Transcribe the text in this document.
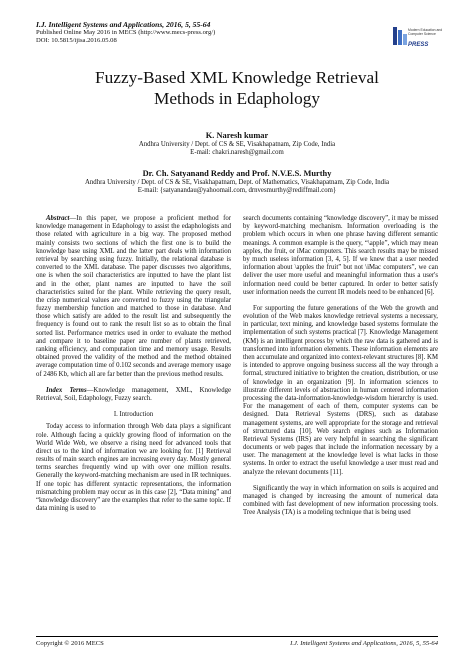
I.J. Intelligent Systems and Applications, 2016, 5, 55-64
Published Online May 2016 in MECS (http://www.mecs-press.org/)
DOI: 10.5815/ijisa.2016.05.08
Modern Education and Computer Science
PRESS
Fuzzy-Based XML Knowledge Retrieval
Methods in Edaphology
K. Naresh kumar
Andhra University / Dept. of CS & SE, Visakhapatnam, Zip Code, India
E-mail: chakri.naresh@gmail.com
Dr. Ch. Satyanand Reddy and Prof. N.V.E.S. Murthy
Andhra University / Dept. of CS & SE, Visakhapatnam, Dept. of Mathematics, Visakhapatnam, Zip Code, India
E-mail: {satyanandau@yahoomail.com, drnvesmurthy@rediffmail.com}

Abstract—In this paper, we propose a proficient method for knowledge management in Edaphology to assist the edaphologists and those related with agriculture in a big way. The proposed method mainly consists two sections of which the first one is to build the knowledge base using XML and the latter part deals with information retrieval by searching using fuzzy. Initially, the relational database is converted to the XML database. The paper discusses two algorithms, one is when the soil characteristics are inputted to have the plant list and in the other, plant names are inputted to have the soil characteristics suited for the plant. While retrieving the query result, the crisp numerical values are converted to fuzzy using the triangular fuzzy membership function and matched to those in database. And those which satisfy are added to the result list and subsequently the frequency is found out to rank the result list so as to obtain the final sorted list. Performance metrics used in order to evaluate the method and compare it to baseline paper are number of plants retrieved, ranking efficiency, and computation time and memory usage. Results obtained proved the validity of the method and the method obtained average computation time of 0.102 seconds and average memory usage of 2486 Kb, which all are far better than the previous method results.

Index Terms—Knowledge management, XML, Knowledge Retrieval, Soil, Edaphology, Fuzzy search.

I. Introduction

Today access to information through Web data plays a significant role. Although facing a quickly growing flood of information on the World Wide Web, we observe a rising need for advanced tools that direct us to the kind of information we are looking for. [1] Retrieval results of main search engines are increasing every day. Mostly general terms searches frequently wind up with over one million results. Generally the keyword-matching mechanism are used in IR techniques. If one topic has different syntactic representations, the information mismatching problem may occur as in this case [2], “Data mining” and “knowledge discovery” are the examples that refer to the same topic. If data mining is used to

search documents containing “knowledge discovery”, it may be missed by keyword-matching mechanism. Information overloading is the problem which occurs in when one phrase having different semantic meanings. A common example is the query, “\apple”, which may mean apples, the fruit, or iMac computers. This search results may be missed by much useless information [3, 4, 5]. If we knew that a user needed information about \apples the fruit” but not \iMac computers”, we can deliver the user more useful and meaningful information thus a user's information need could be better captured. In order to better satisfy user information needs the current IR models need to be enhanced [6].

For supporting the future generations of the Web the growth and evolution of the Web makes knowledge retrieval systems a necessary, in particular, text mining, and knowledge based systems formulate the implementation of such systems practical [7]. Knowledge Management (KM) is an intelligent process by which the raw data is gathered and is transformed into information elements. These information elements are then accumulate and organized into context-relevant structures [8]. KM is intended to approve ongoing business success all the way through a formal, structured initiative to brighten the creation, distribution, or use of knowledge in an organization [9]. In information sciences to illustrate different levels of abstraction in human centered information processing the data-information-knowledge-wisdom hierarchy is used. For the management of each of them, computer systems can be designed. Data Retrieval Systems (DRS), such as database management systems, are well appropriate for the storage and retrieval of structured data [10]. Web search engines such as Information Retrieval Systems (IRS) are very helpful in searching the significant documents or web pages that include the information necessary by a user. The management at the knowledge level is what lacks in those systems. In order to extract the useful knowledge a user must read and analyze the relevant documents [11].

Significantly the way in which information on soils is acquired and managed is changed by increasing the amount of numerical data combined with fast development of new information processing tools. Tree Analysis (TA) is a modeling technique that is being used

Copyright © 2016 MECS	I.J. Intelligent Systems and Applications, 2016, 5, 55-64
